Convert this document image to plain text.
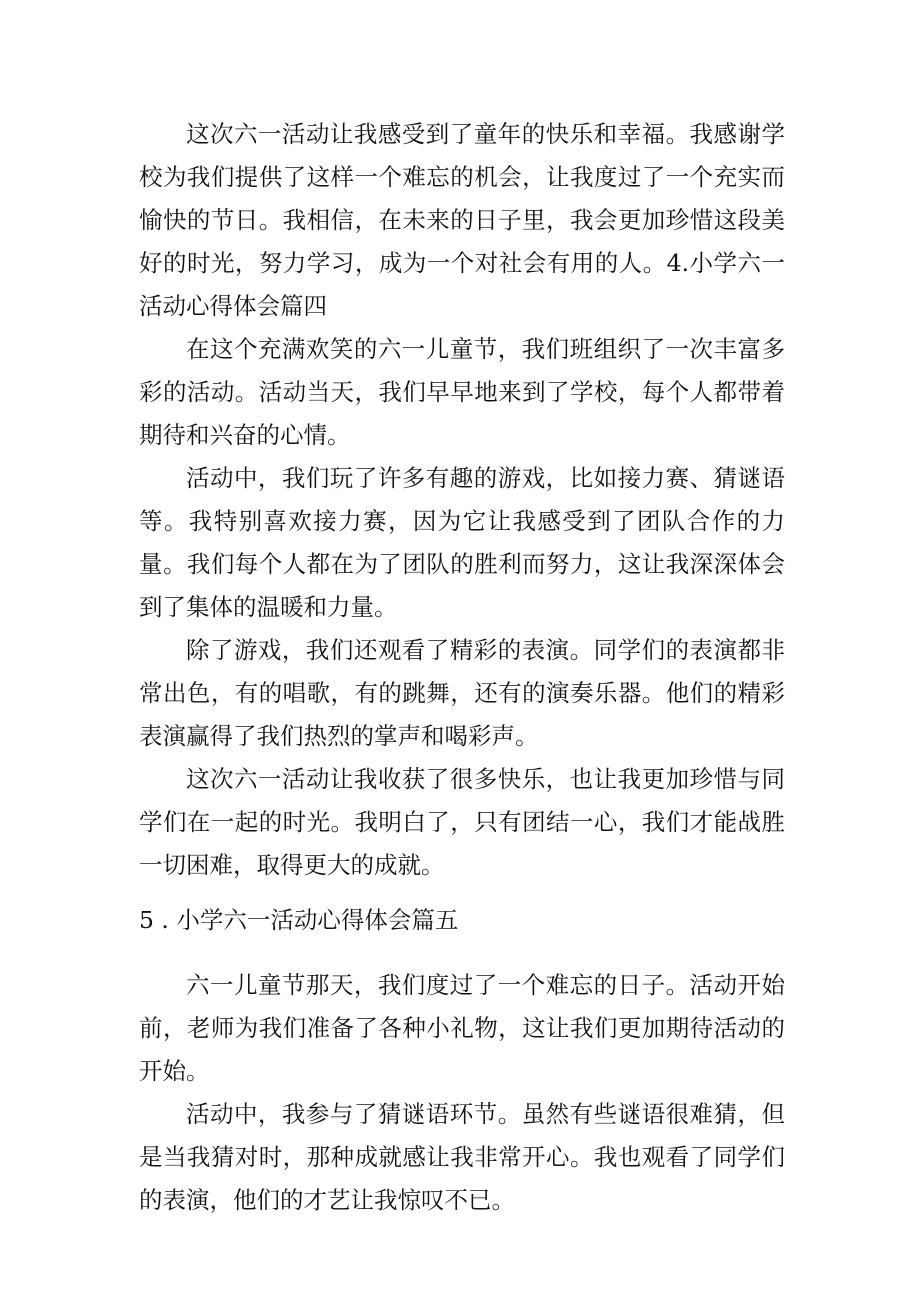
这次六一活动让我感受到了童年的快乐和幸福。我感谢学校为我们提供了这样一个难忘的机会，让我度过了一个充实而愉快的节日。我相信，在未来的日子里，我会更加珍惜这段美好的时光，努力学习，成为一个对社会有用的人。4.小学六一活动心得体会篇四

在这个充满欢笑的六一儿童节，我们班组织了一次丰富多彩的活动。活动当天，我们早早地来到了学校，每个人都带着期待和兴奋的心情。

活动中，我们玩了许多有趣的游戏，比如接力赛、猜谜语等。我特别喜欢接力赛，因为它让我感受到了团队合作的力量。我们每个人都在为了团队的胜利而努力，这让我深深体会到了集体的温暖和力量。

除了游戏，我们还观看了精彩的表演。同学们的表演都非常出色，有的唱歌，有的跳舞，还有的演奏乐器。他们的精彩表演赢得了我们热烈的掌声和喝彩声。

这次六一活动让我收获了很多快乐，也让我更加珍惜与同学们在一起的时光。我明白了，只有团结一心，我们才能战胜一切困难，取得更大的成就。

5 . 小学六一活动心得体会篇五

六一儿童节那天，我们度过了一个难忘的日子。活动开始前，老师为我们准备了各种小礼物，这让我们更加期待活动的开始。

活动中，我参与了猜谜语环节。虽然有些谜语很难猜，但是当我猜对时，那种成就感让我非常开心。我也观看了同学们的表演，他们的才艺让我惊叹不已。
